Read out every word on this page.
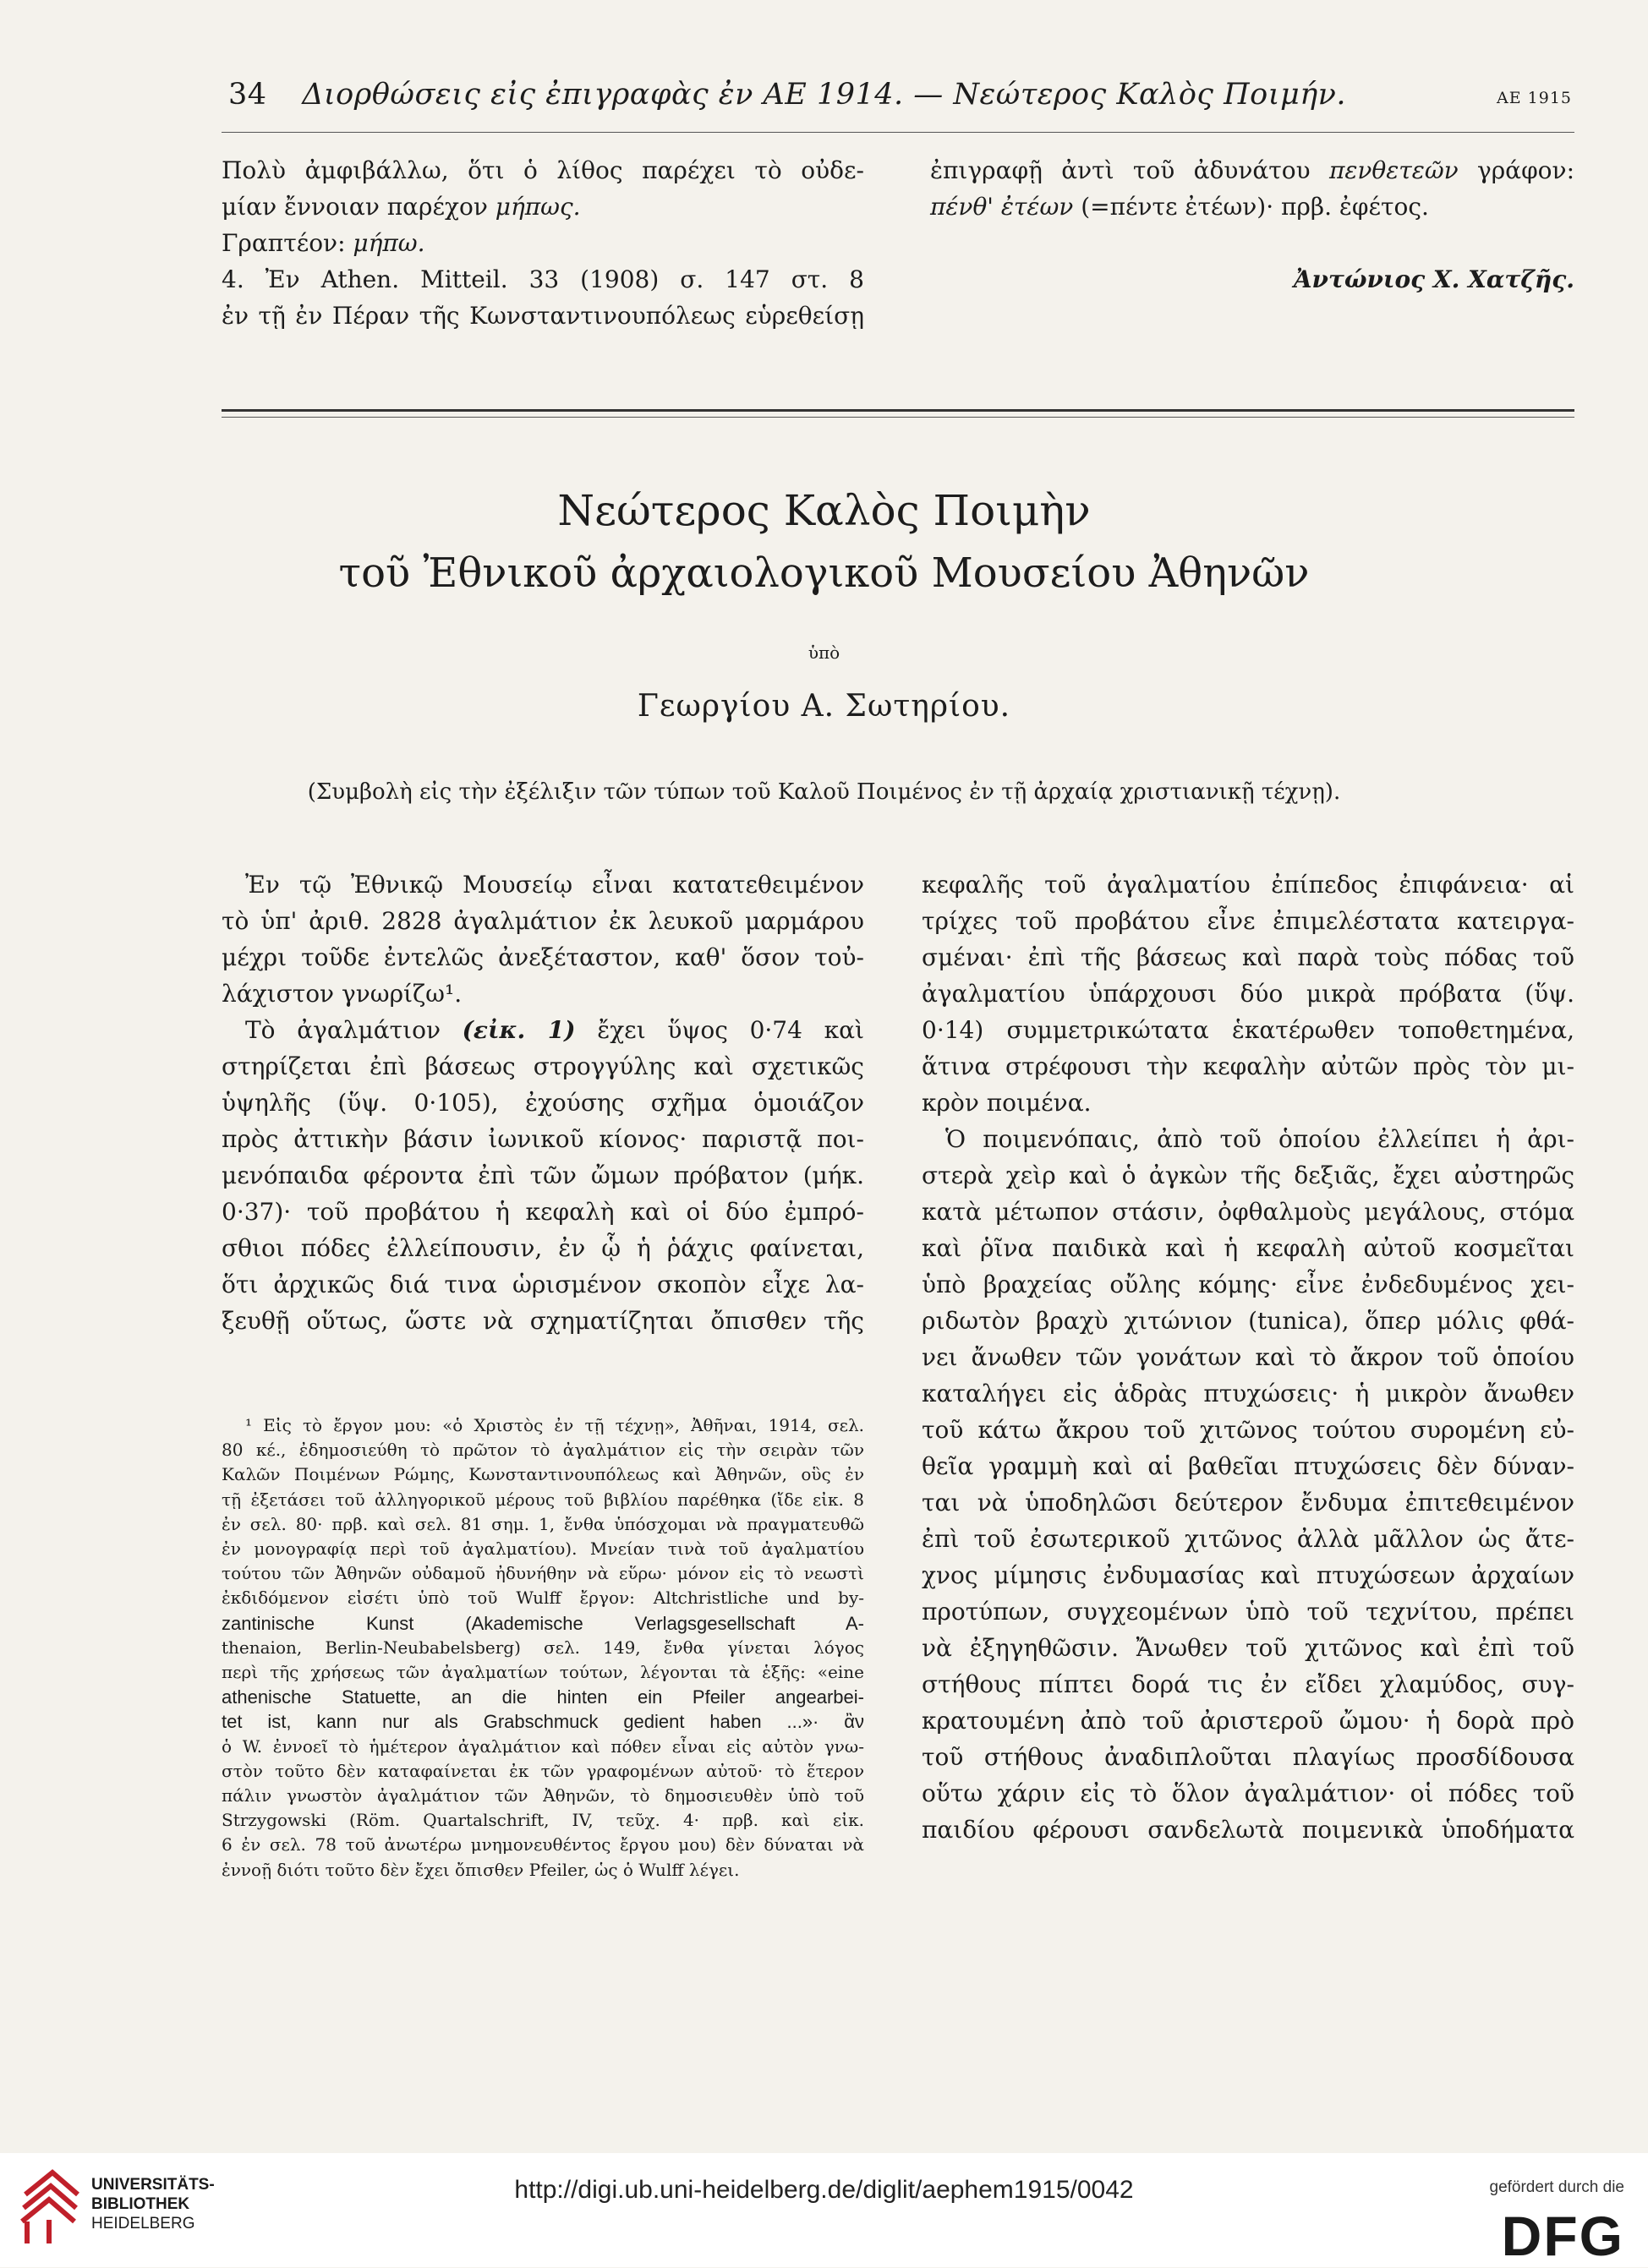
34 Διορθώσεις εἰς ἐπιγραφὰς ἐν ΑΕ 1914. — Νεώτερος Καλὸς Ποιμήν.	ΑΕ 1915
Πολὺ ἀμφιβάλλω, ὅτι ὁ λίθος παρέχει τὸ οὐδε-
μίαν ἔννοιαν παρέχον μήπως.
Γραπτέον: μήπω.
4. Ἐν Athen. Mitteil. 33 (1908) σ. 147 στ. 8
ἐν τῇ ἐν Πέραν τῆς Κωνσταντινουπόλεως εὑρεθείσῃ
ἐπιγραφῇ ἀντὶ τοῦ ἀδυνάτου πενθετεῶν γράφον:
πένθ' ἐτέων (=πέντε ἐτέων)· πρβ. ἐφέτος.
Ἀντώνιος Χ. Χατζῆς.
Νεώτερος Καλὸς Ποιμὴν
τοῦ Ἐθνικοῦ ἀρχαιολογικοῦ Μουσείου Ἀθηνῶν
ὑπὸ
Γεωργίου Α. Σωτηρίου.
(Συμβολὴ εἰς τὴν ἐξέλιξιν τῶν τύπων τοῦ Καλοῦ Ποιμένος ἐν τῇ ἀρχαίᾳ χριστιανικῇ τέχνῃ).
Ἐν τῷ Ἐθνικῷ Μουσείῳ εἶναι κατατεθειμένον
τὸ ὑπ' ἀριθ. 2828 ἀγαλμάτιον ἐκ λευκοῦ μαρμάρου
μέχρι τοῦδε ἐντελῶς ἀνεξέταστον, καθ' ὅσον τοὐ-
λάχιστον γνωρίζω¹.
Τὸ ἀγαλμάτιον (εἰκ. 1) ἔχει ὕψος 0·74 καὶ
στηρίζεται ἐπὶ βάσεως στρογγύλης καὶ σχετικῶς
ὑψηλῆς (ὕψ. 0·105), ἐχούσης σχῆμα ὁμοιάζον
πρὸς ἀττικὴν βάσιν ἰωνικοῦ κίονος· παριστᾷ ποι-
μενόπαιδα φέροντα ἐπὶ τῶν ὤμων πρόβατον (μήκ.
0·37)· τοῦ προβάτου ἡ κεφαλὴ καὶ οἱ δύο ἐμπρό-
σθιοι πόδες ἐλλείπουσιν, ἐν ᾧ ἡ ῥάχις φαίνεται,
ὅτι ἀρχικῶς διά τινα ὡρισμένον σκοπὸν εἶχε λα-
ξευθῇ οὕτως, ὥστε νὰ σχηματίζηται ὄπισθεν τῆς
¹ Εἰς τὸ ἔργον μου: «ὁ Χριστὸς ἐν τῇ τέχνῃ», Ἀθῆναι, 1914, σελ.
80 κέ., ἐδημοσιεύθη τὸ πρῶτον τὸ ἀγαλμάτιον εἰς τὴν σειρὰν τῶν
Καλῶν Ποιμένων Ρώμης, Κωνσταντινουπόλεως καὶ Ἀθηνῶν, οὓς ἐν
τῇ ἐξετάσει τοῦ ἀλληγορικοῦ μέρους τοῦ βιβλίου παρέθηκα (ἴδε εἰκ. 8
ἐν σελ. 80· πρβ. καὶ σελ. 81 σημ. 1, ἔνθα ὑπόσχομαι νὰ πραγματευθῶ
ἐν μονογραφίᾳ περὶ τοῦ ἀγαλματίου). Μνείαν τινὰ τοῦ ἀγαλματίου
τούτου τῶν Ἀθηνῶν οὐδαμοῦ ἠδυνήθην νὰ εὕρω· μόνον εἰς τὸ νεωστὶ
ἐκδιδόμενον εἰσέτι ὑπὸ τοῦ Wulff ἔργον: Altchristliche und by-
zantinische Kunst (Akademische Verlagsgesellschaft A-
thenaion, Berlin-Neubabelsberg) σελ. 149, ἔνθα γίνεται λόγος
περὶ τῆς χρήσεως τῶν ἀγαλματίων τούτων, λέγονται τὰ ἑξῆς: «eine
athenische Statuette, an die hinten ein Pfeiler angearbei-
tet ist, kann nur als Grabschmuck gedient haben ...»· ἂν
ὁ W. ἐννοεῖ τὸ ἡμέτερον ἀγαλμάτιον καὶ πόθεν εἶναι εἰς αὐτὸν γνω-
στὸν τοῦτο δὲν καταφαίνεται ἐκ τῶν γραφομένων αὐτοῦ· τὸ ἕτερον
πάλιν γνωστὸν ἀγαλμάτιον τῶν Ἀθηνῶν, τὸ δημοσιευθὲν ὑπὸ τοῦ
Strzygowski (Röm. Quartalschrift, IV, τεῦχ. 4· πρβ. καὶ εἰκ.
6 ἐν σελ. 78 τοῦ ἀνωτέρω μνημονευθέντος ἔργου μου) δὲν δύναται νὰ
ἐννοῇ διότι τοῦτο δὲν ἔχει ὄπισθεν Pfeiler, ὡς ὁ Wulff λέγει.
κεφαλῆς τοῦ ἀγαλματίου ἐπίπεδος ἐπιφάνεια· αἱ
τρίχες τοῦ προβάτου εἶνε ἐπιμελέστατα κατειργα-
σμέναι· ἐπὶ τῆς βάσεως καὶ παρὰ τοὺς πόδας τοῦ
ἀγαλματίου ὑπάρχουσι δύο μικρὰ πρόβατα (ὕψ.
0·14) συμμετρικώτατα ἑκατέρωθεν τοποθετημένα,
ἅτινα στρέφουσι τὴν κεφαλὴν αὐτῶν πρὸς τὸν μι-
κρὸν ποιμένα.
Ὁ ποιμενόπαις, ἀπὸ τοῦ ὁποίου ἐλλείπει ἡ ἀρι-
στερὰ χεὶρ καὶ ὁ ἀγκὼν τῆς δεξιᾶς, ἔχει αὐστηρῶς
κατὰ μέτωπον στάσιν, ὀφθαλμοὺς μεγάλους, στόμα
καὶ ῥῖνα παιδικὰ καὶ ἡ κεφαλὴ αὐτοῦ κοσμεῖται
ὑπὸ βραχείας οὔλης κόμης· εἶνε ἐνδεδυμένος χει-
ριδωτὸν βραχὺ χιτώνιον (tunica), ὅπερ μόλις φθά-
νει ἄνωθεν τῶν γονάτων καὶ τὸ ἄκρον τοῦ ὁποίου
καταλήγει εἰς ἁδρὰς πτυχώσεις· ἡ μικρὸν ἄνωθεν
τοῦ κάτω ἄκρου τοῦ χιτῶνος τούτου συρομένη εὐ-
θεῖα γραμμὴ καὶ αἱ βαθεῖαι πτυχώσεις δὲν δύναν-
ται νὰ ὑποδηλῶσι δεύτερον ἔνδυμα ἐπιτεθειμένον
ἐπὶ τοῦ ἐσωτερικοῦ χιτῶνος ἀλλὰ μᾶλλον ὡς ἄτε-
χνος μίμησις ἐνδυμασίας καὶ πτυχώσεων ἀρχαίων
προτύπων, συγχεομένων ὑπὸ τοῦ τεχνίτου, πρέπει
νὰ ἐξηγηθῶσιν. Ἄνωθεν τοῦ χιτῶνος καὶ ἐπὶ τοῦ
στήθους πίπτει δορά τις ἐν εἴδει χλαμύδος, συγ-
κρατουμένη ἀπὸ τοῦ ἀριστεροῦ ὤμου· ἡ δορὰ πρὸ
τοῦ στήθους ἀναδιπλοῦται πλαγίως προσδίδουσα
οὕτω χάριν εἰς τὸ ὅλον ἀγαλμάτιον· οἱ πόδες τοῦ
παιδίου φέρουσι σανδελωτὰ ποιμενικὰ ὑποδήματα
UNIVERSITÄTS-
BIBLIOTHEK
HEIDELBERG
http://digi.ub.uni-heidelberg.de/diglit/aephem1915/0042	gefördert durch die
DFG
